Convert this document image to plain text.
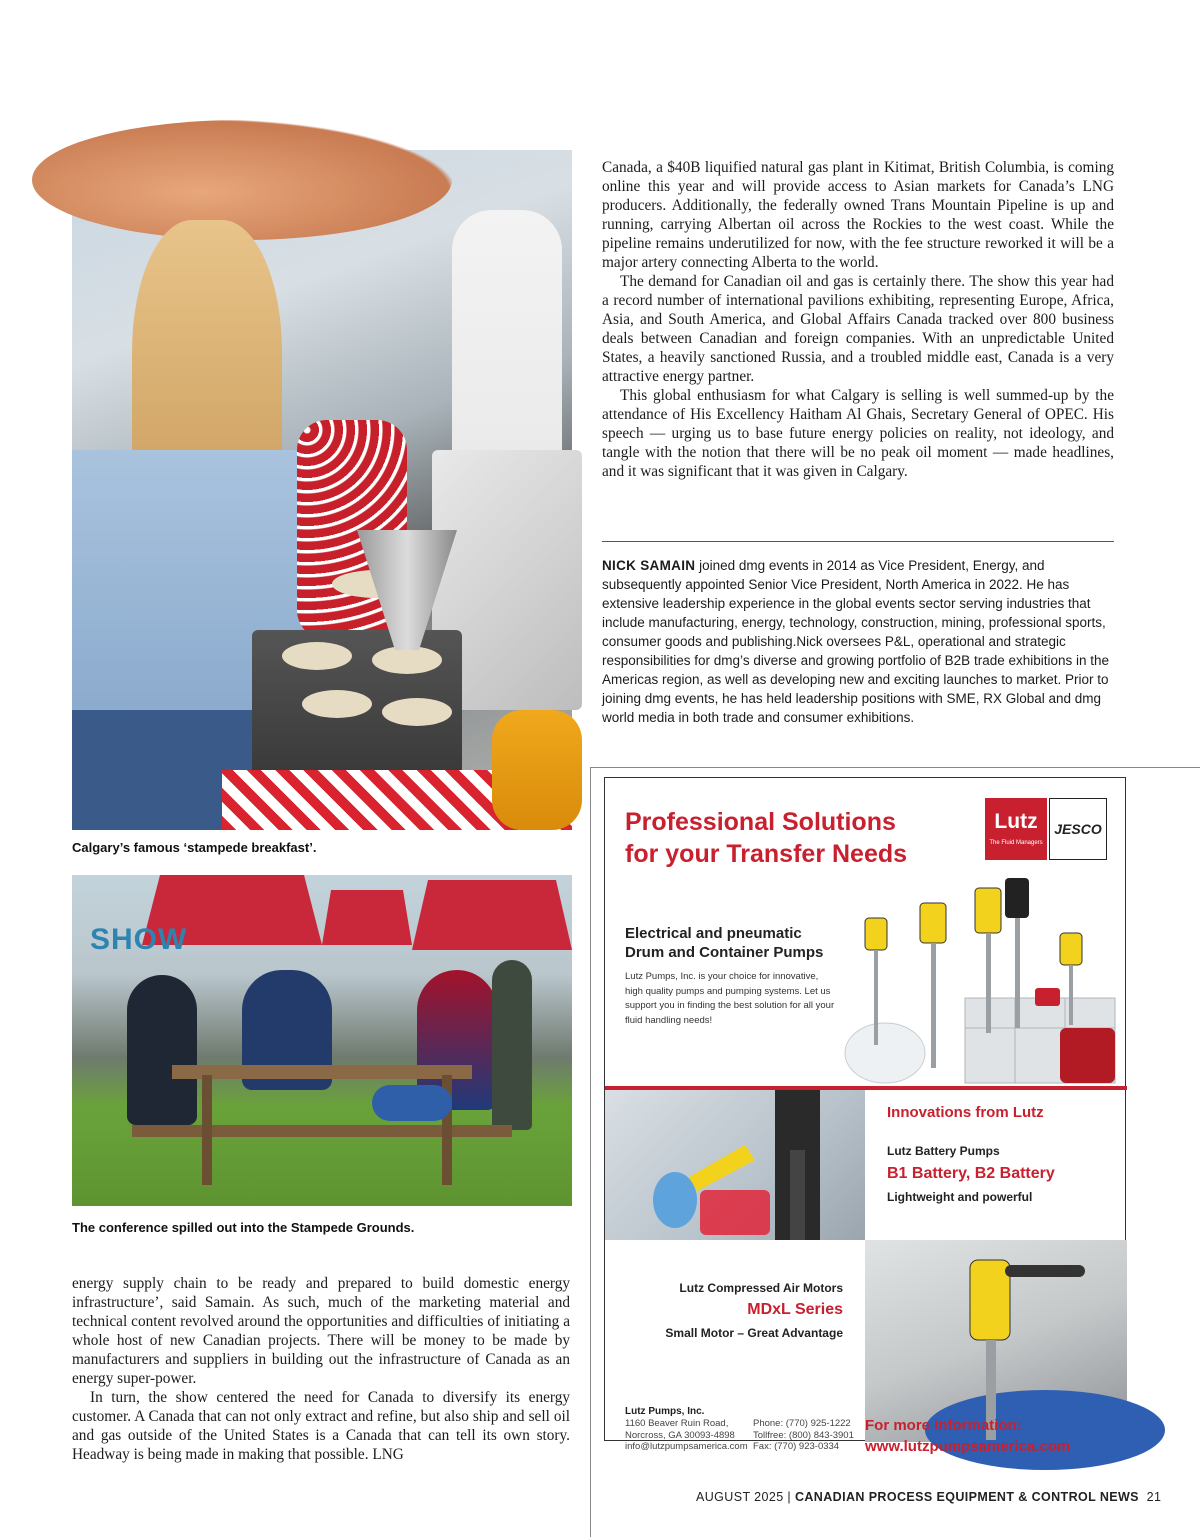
Calgary’s famous ‘stampede breakfast’.
SHOW
The conference spilled out into the Stampede Grounds.

Canada, a $40B liquified natural gas plant in Kitimat, British Columbia, is coming online this year and will provide access to Asian markets for Canada’s LNG producers. Additionally, the federally owned Trans Mountain Pipeline is up and running, carrying Albertan oil across the Rockies to the west coast. While the pipeline remains underutilized for now, with the fee structure reworked it will be a major artery connecting Alberta to the world.

The demand for Canadian oil and gas is certainly there. The show this year had a record number of international pavilions exhibiting, representing Europe, Africa, Asia, and South America, and Global Affairs Canada tracked over 800 business deals between Canadian and foreign companies. With an unpredictable United States, a heavily sanctioned Russia, and a troubled middle east, Canada is a very attractive energy partner.

This global enthusiasm for what Calgary is selling is well summed-up by the attendance of His Excellency Haitham Al Ghais, Secretary General of OPEC. His speech — urging us to base future energy policies on reality, not ideology, and tangle with the notion that there will be no peak oil moment — made headlines, and it was significant that it was given in Calgary.

NICK SAMAIN joined dmg events in 2014 as Vice President, Energy, and subsequently appointed Senior Vice President, North America in 2022. He has extensive leadership experience in the global events sector serving industries that include manufacturing, energy, technology, construction, mining, professional sports, consumer goods and publishing.Nick oversees P&L, operational and strategic responsibilities for dmg’s diverse and growing portfolio of B2B trade exhibitions in the Americas region, as well as developing new and exciting launches to market. Prior to joining dmg events, he has held leadership positions with SME, RX Global and dmg world media in both trade and consumer exhibitions.

energy supply chain to be ready and prepared to build domestic energy infrastructure’, said Samain. As such, much of the marketing material and technical content revolved around the opportunities and difficulties of initiating a whole host of new Canadian projects. There will be money to be made by manufacturers and suppliers in building out the infrastructure of Canada as an energy super-power.

In turn, the show centered the need for Canada to diversify its energy customer. A Canada that can not only extract and refine, but also ship and sell oil and gas outside of the United States is a Canada that can tell its own story. Headway is being made in making that possible. LNG

Professional Solutions
for your Transfer Needs
Lutz
The Fluid Managers
JESCO
Electrical and pneumatic
Drum and Container Pumps
Lutz Pumps, Inc. is your choice for innovative, high quality pumps and pumping systems. Let us support you in finding the best solution for all your fluid handling needs!
Innovations from Lutz
Lutz Battery Pumps
B1 Battery, B2 Battery
Lightweight and powerful
Lutz Compressed Air Motors
MDxL Series
Small Motor – Great Advantage
Lutz Pumps, Inc.
1160 Beaver Ruin Road,
Norcross, GA 30093-4898
info@lutzpumpsamerica.com
Phone: (770) 925-1222
Tollfree: (800) 843-3901
Fax: (770) 923-0334
For more information:
www.lutzpumpsamerica.com
AUGUST 2025 | CANADIAN PROCESS EQUIPMENT & CONTROL NEWS 21
